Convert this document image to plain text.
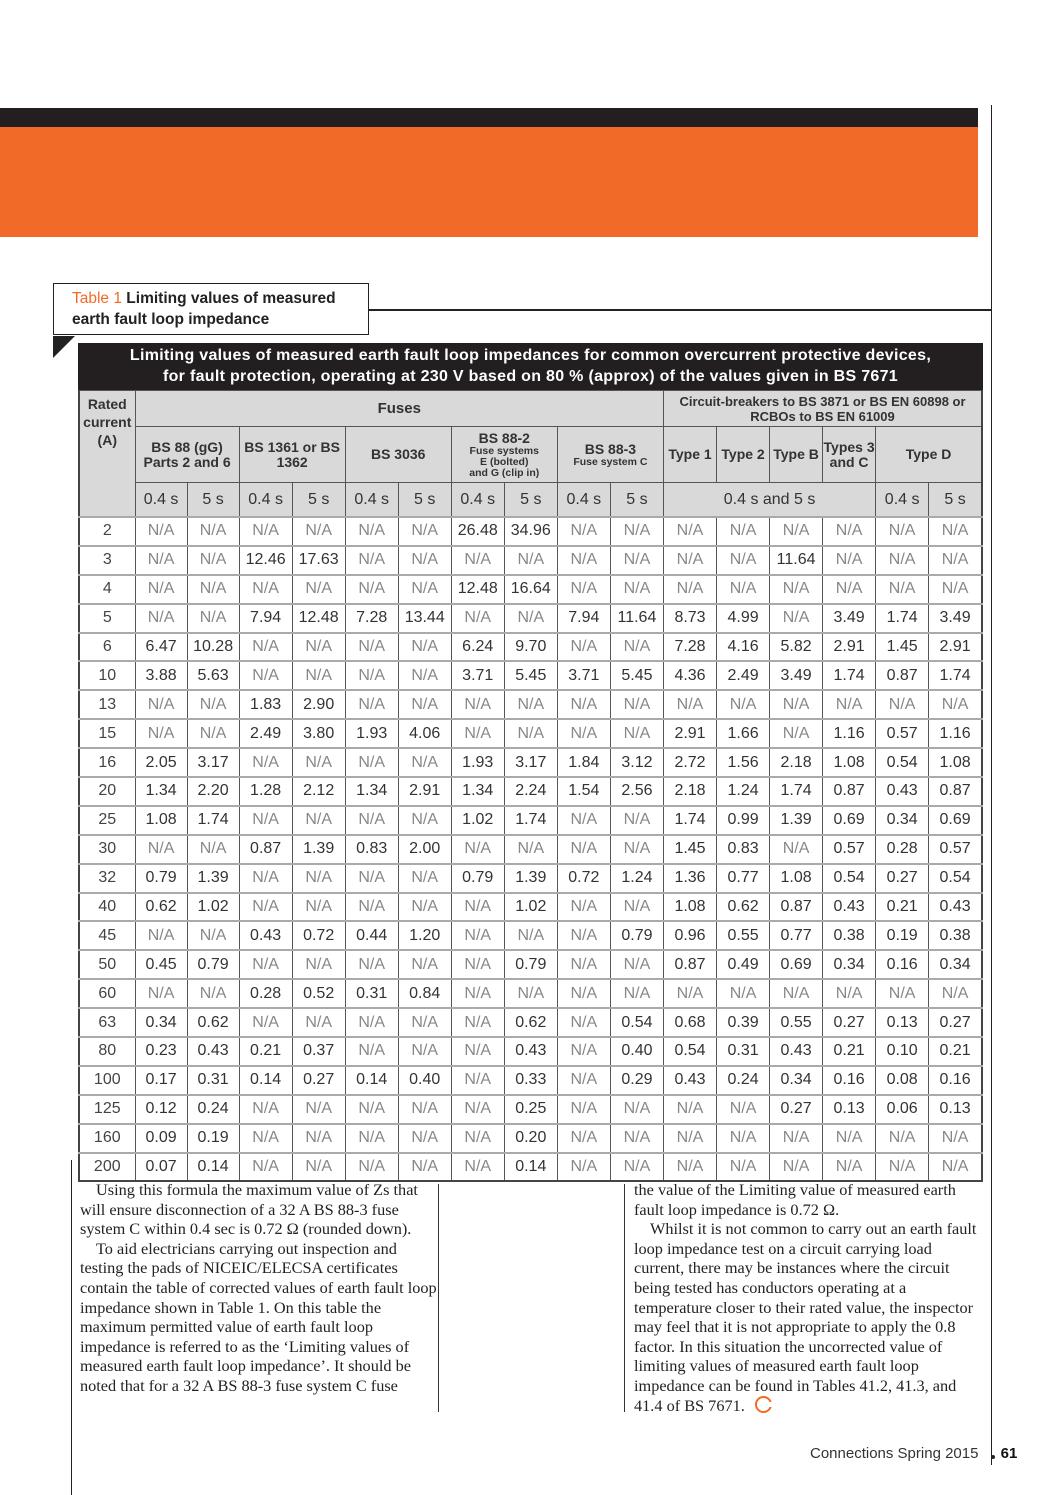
Table 1 Limiting values of measured earth fault loop impedance
Limiting values of measured earth fault loop impedances for common overcurrent protective devices,
for fault protection, operating at 230 V based on 80 % (approx) of the values given in BS 7671
Rated current (A)	Fuses										Circuit-breakers to BS 3871 or BS EN 60898 or RCBOs to BS EN 61009					
	BS 88 (gG) Parts 2 and 6		BS 1361 or BS 1362		BS 3036		BS 88-2
Fuse systems
E (bolted)
and G (clip in)		BS 88-3
Fuse system C		Type 1	Type 2	Type B	Types 3 and C	Type D	
	0.4 s	5 s	0.4 s	5 s	0.4 s	5 s	0.4 s	5 s	0.4 s	5 s	0.4 s and 5 s				0.4 s	5 s
2	N/A	N/A	N/A	N/A	N/A	N/A	26.48	34.96	N/A	N/A	N/A	N/A	N/A	N/A	N/A	N/A
3	N/A	N/A	12.46	17.63	N/A	N/A	N/A	N/A	N/A	N/A	N/A	N/A	11.64	N/A	N/A	N/A
4	N/A	N/A	N/A	N/A	N/A	N/A	12.48	16.64	N/A	N/A	N/A	N/A	N/A	N/A	N/A	N/A
5	N/A	N/A	7.94	12.48	7.28	13.44	N/A	N/A	7.94	11.64	8.73	4.99	N/A	3.49	1.74	3.49
6	6.47	10.28	N/A	N/A	N/A	N/A	6.24	9.70	N/A	N/A	7.28	4.16	5.82	2.91	1.45	2.91
10	3.88	5.63	N/A	N/A	N/A	N/A	3.71	5.45	3.71	5.45	4.36	2.49	3.49	1.74	0.87	1.74
13	N/A	N/A	1.83	2.90	N/A	N/A	N/A	N/A	N/A	N/A	N/A	N/A	N/A	N/A	N/A	N/A
15	N/A	N/A	2.49	3.80	1.93	4.06	N/A	N/A	N/A	N/A	2.91	1.66	N/A	1.16	0.57	1.16
16	2.05	3.17	N/A	N/A	N/A	N/A	1.93	3.17	1.84	3.12	2.72	1.56	2.18	1.08	0.54	1.08
20	1.34	2.20	1.28	2.12	1.34	2.91	1.34	2.24	1.54	2.56	2.18	1.24	1.74	0.87	0.43	0.87
25	1.08	1.74	N/A	N/A	N/A	N/A	1.02	1.74	N/A	N/A	1.74	0.99	1.39	0.69	0.34	0.69
30	N/A	N/A	0.87	1.39	0.83	2.00	N/A	N/A	N/A	N/A	1.45	0.83	N/A	0.57	0.28	0.57
32	0.79	1.39	N/A	N/A	N/A	N/A	0.79	1.39	0.72	1.24	1.36	0.77	1.08	0.54	0.27	0.54
40	0.62	1.02	N/A	N/A	N/A	N/A	N/A	1.02	N/A	N/A	1.08	0.62	0.87	0.43	0.21	0.43
45	N/A	N/A	0.43	0.72	0.44	1.20	N/A	N/A	N/A	0.79	0.96	0.55	0.77	0.38	0.19	0.38
50	0.45	0.79	N/A	N/A	N/A	N/A	N/A	0.79	N/A	N/A	0.87	0.49	0.69	0.34	0.16	0.34
60	N/A	N/A	0.28	0.52	0.31	0.84	N/A	N/A	N/A	N/A	N/A	N/A	N/A	N/A	N/A	N/A
63	0.34	0.62	N/A	N/A	N/A	N/A	N/A	0.62	N/A	0.54	0.68	0.39	0.55	0.27	0.13	0.27
80	0.23	0.43	0.21	0.37	N/A	N/A	N/A	0.43	N/A	0.40	0.54	0.31	0.43	0.21	0.10	0.21
100	0.17	0.31	0.14	0.27	0.14	0.40	N/A	0.33	N/A	0.29	0.43	0.24	0.34	0.16	0.08	0.16
125	0.12	0.24	N/A	N/A	N/A	N/A	N/A	0.25	N/A	N/A	N/A	N/A	0.27	0.13	0.06	0.13
160	0.09	0.19	N/A	N/A	N/A	N/A	N/A	0.20	N/A	N/A	N/A	N/A	N/A	N/A	N/A	N/A
200	0.07	0.14	N/A	N/A	N/A	N/A	N/A	0.14	N/A	N/A	N/A	N/A	N/A	N/A	N/A	N/A

Using this formula the maximum value of Zs that will ensure disconnection of a 32 A BS 88-3 fuse system C within 0.4 sec is 0.72 Ω (rounded down).

To aid electricians carrying out inspection and testing the pads of NICEIC/ELECSA certificates contain the table of corrected values of earth fault loop impedance shown in Table 1. On this table the maximum permitted value of earth fault loop impedance is referred to as the ‘Limiting values of measured earth fault loop impedance’. It should be noted that for a 32 A BS 88-3 fuse system C fuse

the value of the Limiting value of measured earth fault loop impedance is 0.72 Ω.

Whilst it is not common to carry out an earth fault loop impedance test on a circuit carrying load current, there may be instances where the circuit being tested has conductors operating at a temperature closer to their rated value, the inspector may feel that it is not appropriate to apply the 0.8 factor. In this situation the uncorrected value of limiting values of measured earth fault loop impedance can be found in Tables 41.2, 41.3, and 41.4 of BS 7671.

Connections Spring 2015 61
